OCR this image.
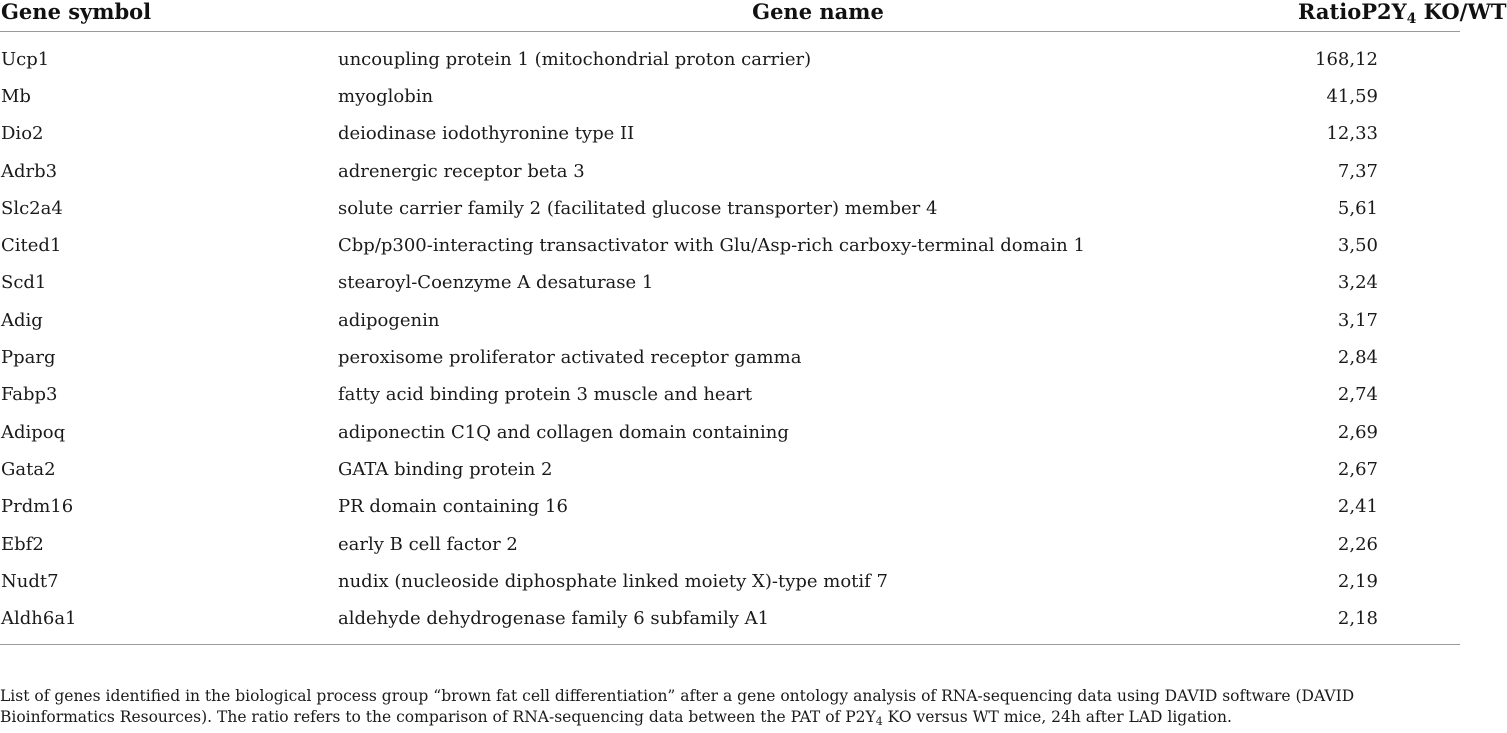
Gene symbol	Gene name	$RatioP2Y_4$ KO/WT
Ucp1	uncoupling protein 1 (mitochondrial proton carrier)	168,12
Mb	myoglobin	41,59
Dio2	deiodinase iodothyronine type II	12,33
Adrb3	adrenergic receptor beta 3	7,37
Slc2a4	solute carrier family 2 (facilitated glucose transporter) member 4	5,61
Cited1	Cbp/p300-interacting transactivator with Glu/Asp-rich carboxy-terminal domain 1	3,50
Scd1	stearoyl-Coenzyme A desaturase 1	3,24
Adig	adipogenin	3,17
Pparg	peroxisome proliferator activated receptor gamma	2,84
Fabp3	fatty acid binding protein 3 muscle and heart	2,74
Adipoq	adiponectin C1Q and collagen domain containing	2,69
Gata2	GATA binding protein 2	2,67
Prdm16	PR domain containing 16	2,41
Ebf2	early B cell factor 2	2,26
Nudt7	nudix (nucleoside diphosphate linked moiety X)-type motif 7	2,19
Aldh6a1	aldehyde dehydrogenase family 6 subfamily A1	2,18
List of genes identified in the biological process group “brown fat cell differentiation” after a gene ontology analysis of RNA-sequencing data using DAVID software (DAVID Bioinformatics Resources). The ratio refers to the comparison of RNA-sequencing data between the PAT of $P2Y_4$ KO versus WT mice, 24h after LAD ligation.
